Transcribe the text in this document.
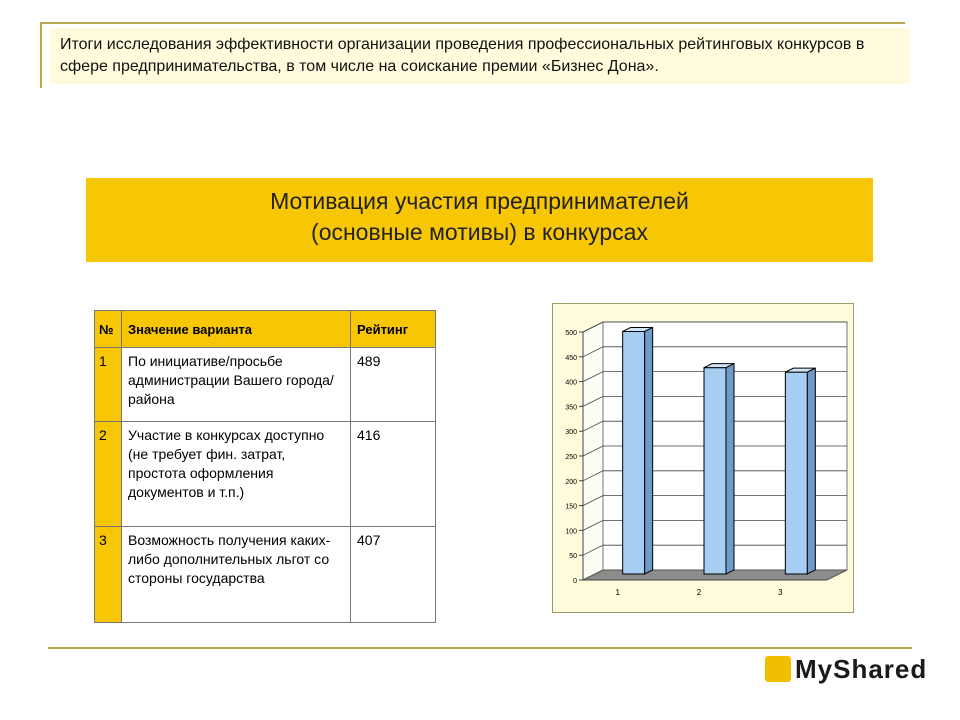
Итоги исследования эффективности организации проведения профессиональных рейтинговых конкурсов в сфере предпринимательства, в том числе на соискание премии «Бизнес Дона».
Мотивация участия предпринимателей
(основные мотивы) в конкурсах
№	Значение варианта	Рейтинг
1	По инициативе/просьбе администрации Вашего города/района	489
2	Участие в конкурсах доступно (не требует фин. затрат, простота оформления документов и т.п.)	416
3	Возможность получения каких-либо дополнительных льгот со стороны государства	407
0
50
100
150
200
250
300
350
400
450
500
1	2	3
MyShared
